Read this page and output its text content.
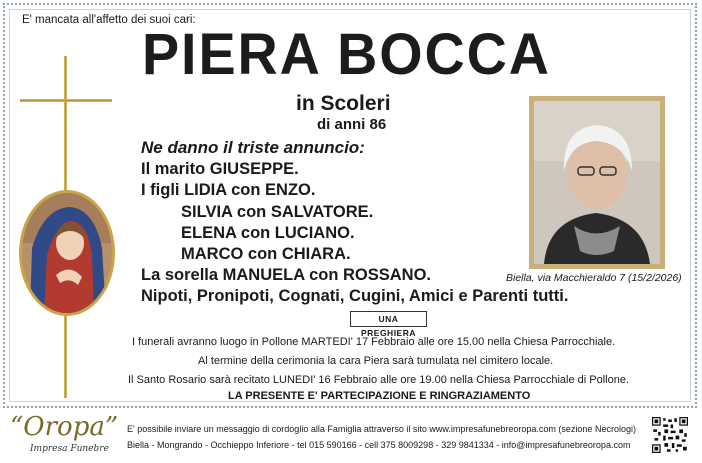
E' mancata all'affetto dei suoi cari:
PIERA BOCCA
in Scoleri
di anni 86
Ne danno il triste annuncio:
Il marito GIUSEPPE.
I figli LIDIA con ENZO.
SILVIA con SALVATORE.
ELENA con LUCIANO.
MARCO con CHIARA.
La sorella MANUELA con ROSSANO.
Nipoti, Pronipoti, Cognati, Cugini, Amici e Parenti tutti.
Biella, via Macchieraldo 7 (15/2/2026)
UNA PREGHIERA
I funerali avranno luogo in Pollone MARTEDI' 17 Febbraio alle ore 15.00 nella Chiesa Parrocchiale.
Al termine della cerimonia la cara Piera sarà tumulata nel cimitero locale.
Il Santo Rosario sarà recitato LUNEDI' 16 Febbraio alle ore 19.00 nella Chiesa Parrocchiale di Pollone.
LA PRESENTE E' PARTECIPAZIONE E RINGRAZIAMENTO
“Oropa”
Impresa Funebre
E' possibile inviare un messaggio di cordoglio alla Famiglia attraverso il sito www.impresafunebreoropa.com (sezione Necrologi)
Biella - Mongrando - Occhieppo Inferiore - tel 015 590166 - cell 375 8009298 - 329 9841334 - info@impresafunebreoropa.com
